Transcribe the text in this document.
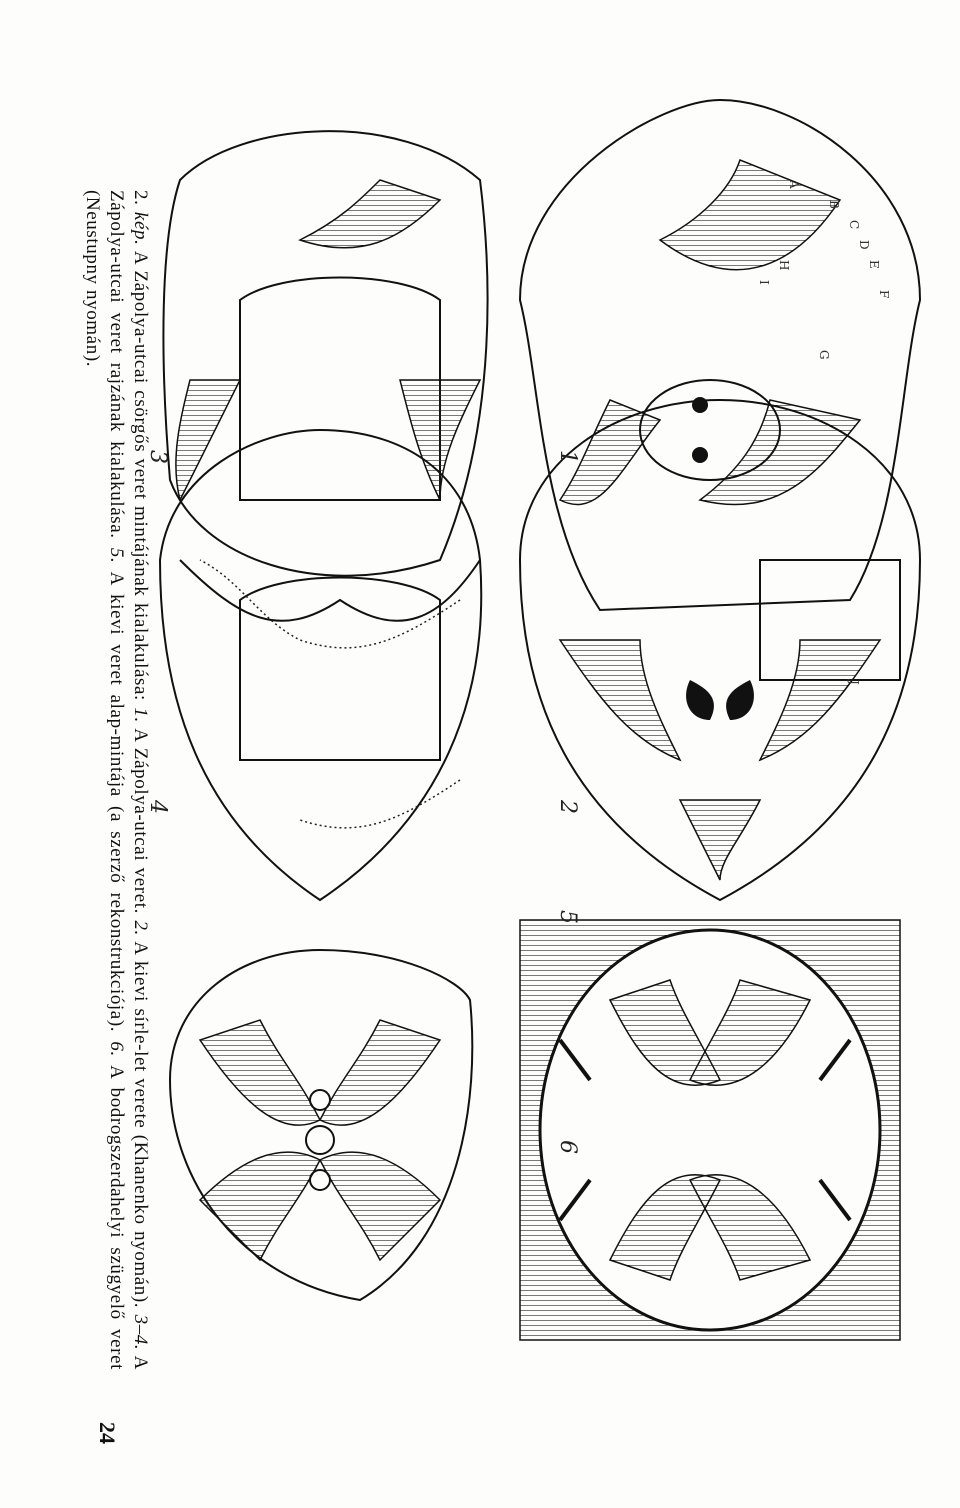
A
B
C
D
E
F
G
H
I
J
1
2
3
4
5
6
2. kép. A Zápolya-utcai csörgős veret mintájának kialakulása: 1. A Zápolya-utcai veret. 2. A kievi sírle-let verete (Khanenko nyomán). 3–4. A Zápolya-utcai veret rajzának kialakulása. 5. A kievi veret alap-mintája (a szerző rekonstrukciója). 6. A bodrogszerdahelyi szügyelő veret (Neustupny nyomán).
24
